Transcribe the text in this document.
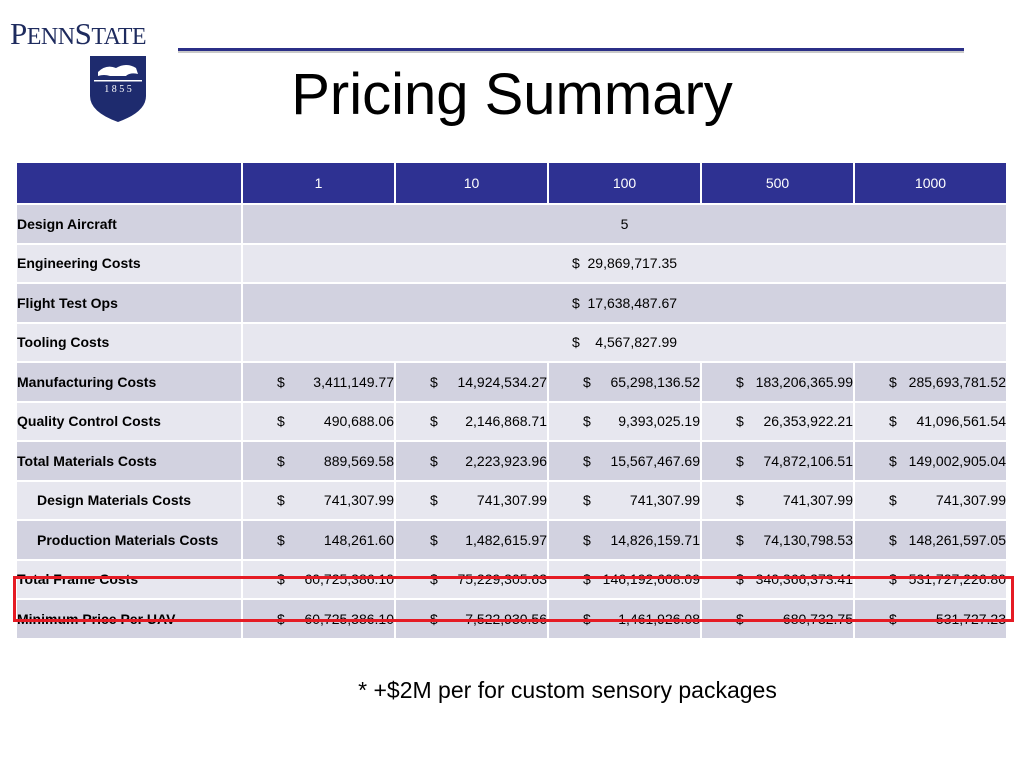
PENNSTATE
1 8 5 5	Pricing Summary
	1	10	100	500	1000
Design Aircraft	5				
Engineering Costs	$  29,869,717.35				
Flight Test Ops	$  17,638,487.67				
Tooling Costs	$    4,567,827.99				
Manufacturing Costs	$ 3,411,149.77	$ 14,924,534.27	$ 65,298,136.52	$ 183,206,365.99	$ 285,693,781.52

Quality Control Costs	$ 490,688.06	$ 2,146,868.71	$ 9,393,025.19	$ 26,353,922.21	$ 41,096,561.54

Total Materials Costs	$ 889,569.58	$ 2,223,923.96	$ 15,567,467.69	$ 74,872,106.51	$ 149,002,905.04

Design Materials Costs	$ 741,307.99	$ 741,307.99	$ 741,307.99	$ 741,307.99	$ 741,307.99

Production Materials Costs	$ 148,261.60	$ 1,482,615.97	$ 14,826,159.71	$ 74,130,798.53	$ 148,261,597.05

Total Frame Costs	$ 60,725,386.10	$ 75,229,305.63	$ 146,192,608.09	$ 340,366,373.41	$ 531,727,226.80

Minimum Price Per UAV	$ 60,725,386.10	$ 7,522,930.56	$ 1,461,926.08	$ 680,732.75	$ 531,727.23
* +$2M per for custom sensory packages
